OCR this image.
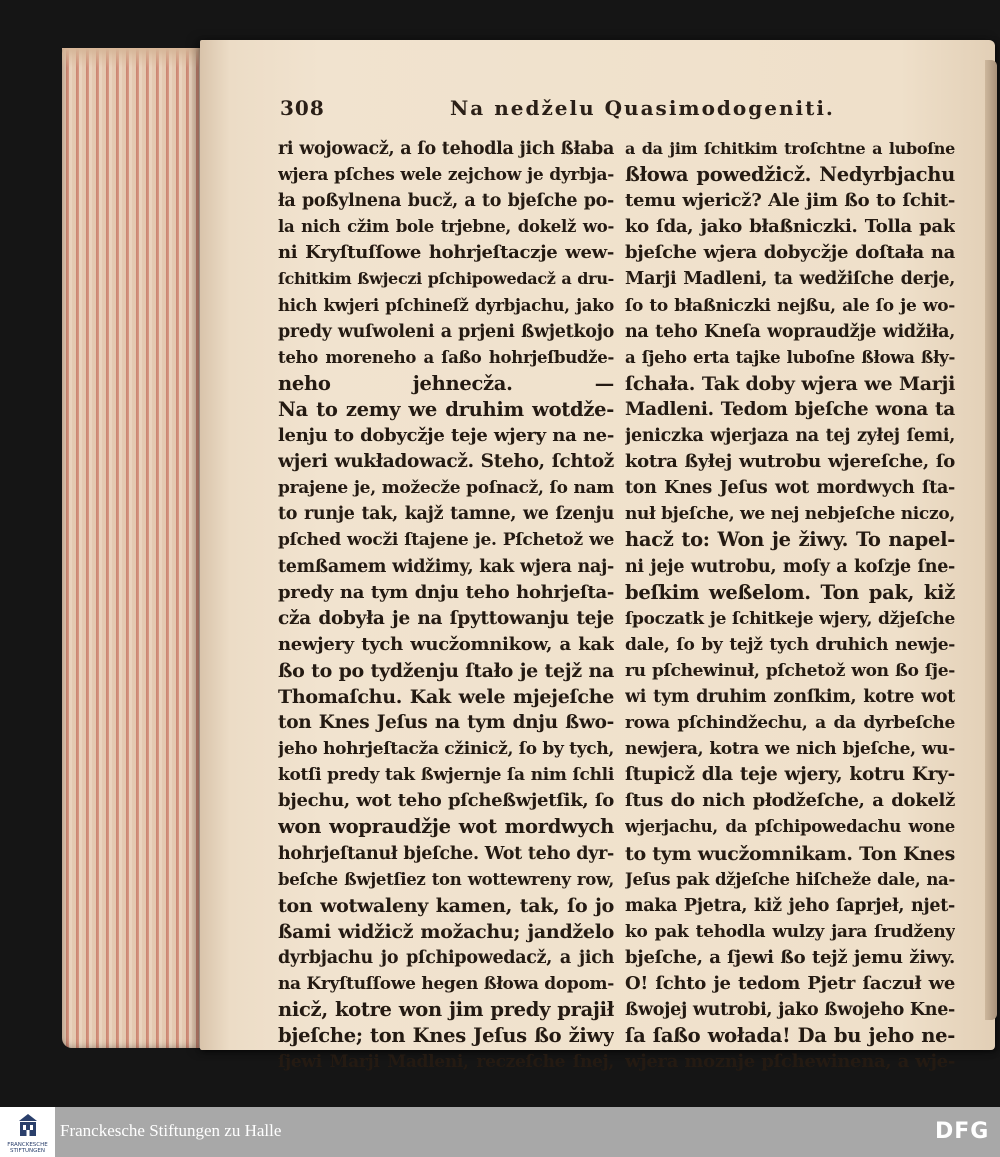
308	Na nedželu Quasimodogeniti.
ri wojowacž, a ſo tehodla jich ßłaba
wjera pſches wele zejchow je dyrbja-
ła poßylnena bucž, a to bjeſche po-
la nich cžim bole trjebne, dokelž wo-
ni Kryſtuſſowe hohrjeſtaczje wew-
ſchitkim ßwjeczi pſchipowedacž a dru-
hich kwjeri pſchineſž dyrbjachu, jako
predy wuſwoleni a prjeni ßwjetkojo
teho moreneho a ſaßo hohrjeſbudže-
neho jehnecža. —
Na to zemy we druhim wotdže-
lenju to dobycžje teje wjery na ne-
wjeri wukładowacž. Steho, ſchtož
prajene je, možecže poſnacž, ſo nam
to runje tak, kajž tamne, we ſzenju
pſched wocži ſtajene je. Pſchetož we
temßamem widžimy, kak wjera naj-
predy na tym dnju teho hohrjeſta-
cža dobyła je na ſpyttowanju teje
newjery tych wucžomnikow, a kak
ßo to po tydženju ſtało je tejž na
Thomaſchu. Kak wele mjejeſche
ton Knes Jeſus na tym dnju ßwo-
jeho hohrjeſtacža cžinicž, ſo by tych,
kotſi predy tak ßwjernje ſa nim ſchli
bjechu, wot teho pſcheßwjetſik, ſo
won wopraudžje wot mordwych
hohrjeſtanuł bjeſche. Wot teho dyr-
beſche ßwjetſiez ton wottewreny row,
ton wotwaleny kamen, tak, ſo jo
ßami widžicž možachu; jandželo
dyrbjachu jo pſchipowedacž, a jich
na Kryſtuſſowe hegen ßłowa dopom-
nicž, kotre won jim predy prajił
bjeſche; ton Knes Jeſus ßo žiwy
ſjewi Marji Madleni, reczeſche ſnej,
a da jim ſchitkim troſchtne a luboſne
ßłowa powedžicž. Nedyrbjachu
temu wjericž? Ale jim ßo to ſchit-
ko ſda, jako błaßniczki. Tolla pak
bjeſche wjera dobycžje doſtała na
Marji Madleni, ta wedžiſche derje,
ſo to błaßniczki nejßu, ale ſo je wo-
na teho Kneſa wopraudžje widžiła,
a ſjeho erta tajke luboſne ßłowa ßły-
ſchała. Tak doby wjera we Marji
Madleni. Tedom bjeſche wona ta
jeniczka wjerjaza na tej zyłej ſemi,
kotra ßyłej wutrobu wjereſche, ſo
ton Knes Jeſus wot mordwych ſta-
nuł bjeſche, we nej nebjeſche niczo,
hacž to: Won je žiwy. To napel-
ni jeje wutrobu, moſy a koſzje ſne-
beſkim weßelom. Ton pak, kiž
ſpoczatk je ſchitkeje wjery, džjeſche
dale, ſo by tejž tych druhich newje-
ru pſchewinuł, pſchetož won ßo ſje-
wi tym druhim zonſkim, kotre wot
rowa pſchindžechu, a da dyrbeſche
newjera, kotra we nich bjeſche, wu-
ſtupicž dla teje wjery, kotru Kry-
ſtus do nich płodžeſche, a dokelž
wjerjachu, da pſchipowedachu wone
to tym wucžomnikam. Ton Knes
Jeſus pak džjeſche hiſcheže dale, na-
maka Pjetra, kiž jeho ſaprjeł, njet-
ko pak tehodla wulzy jara ſrudženy
bjeſche, a ſjewi ßo tejž jemu žiwy.
O! ſchto je tedom Pjetr ſaczuł we
ßwojej wutrobi, jako ßwojeho Kne-
ſa ſaßo wołada! Da bu jeho ne-
wjera moznje pſchewinena, a wje-
FRANCKESCHE STIFTUNGEN
Franckesche Stiftungen zu Halle	DFG
